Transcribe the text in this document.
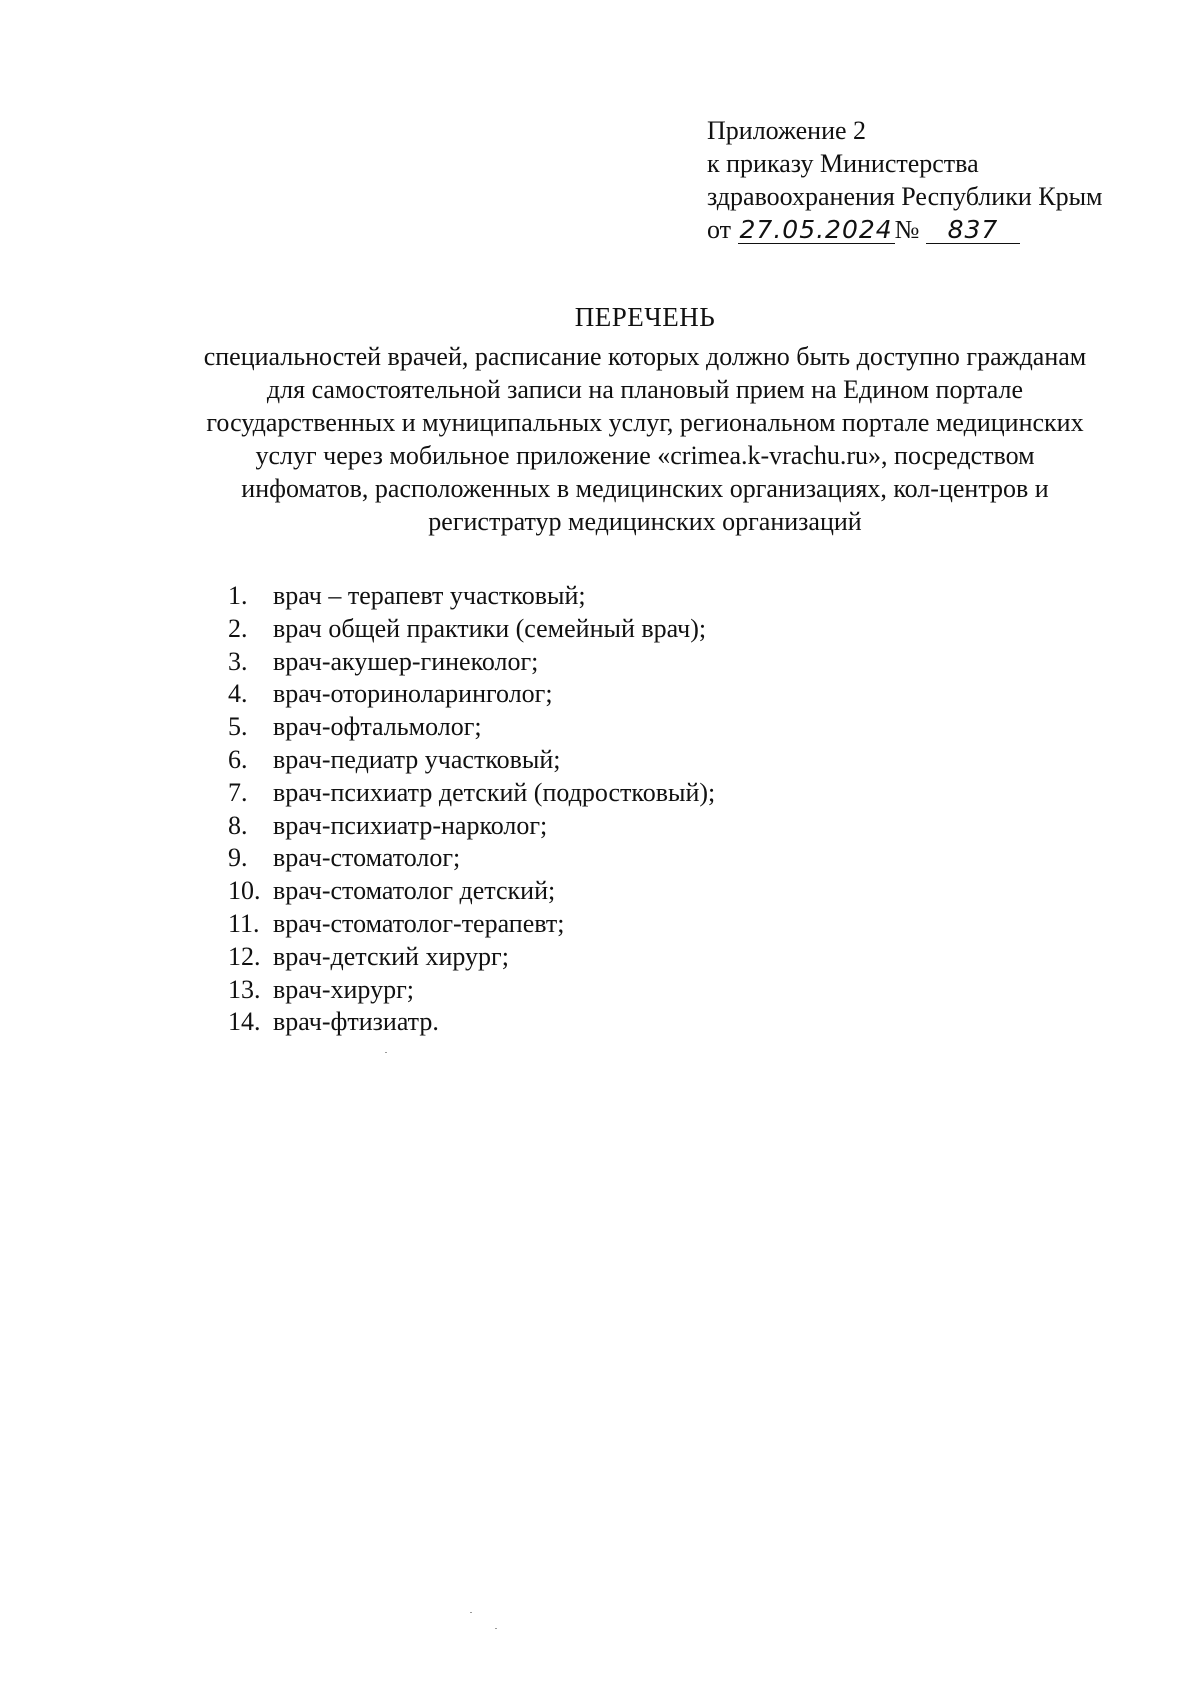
Приложение 2
к приказу Министерства
здравоохранения Республики Крым
от 27.05.2024№ 837
ПЕРЕЧЕНЬ

специальностей врачей, расписание которых должно быть доступно гражданам
для самостоятельной записи на плановый прием на Едином портале
государственных и муниципальных услуг, региональном портале медицинских
услуг через мобильное приложение «crimea.k-vrachu.ru», посредством
инфоматов, расположенных в медицинских организациях, кол-центров и
регистратур медицинских организаций

1. врач – терапевт участковый;
2. врач общей практики (семейный врач);
3. врач-акушер-гинеколог;
4. врач-оториноларинголог;
5. врач-офтальмолог;
6. врач-педиатр участковый;
7. врач-психиатр детский (подростковый);
8. врач-психиатр-нарколог;
9. врач-стоматолог;
10. врач-стоматолог детский;
11. врач-стоматолог-терапевт;
12. врач-детский хирург;
13. врач-хирург;
14. врач-фтизиатр.
